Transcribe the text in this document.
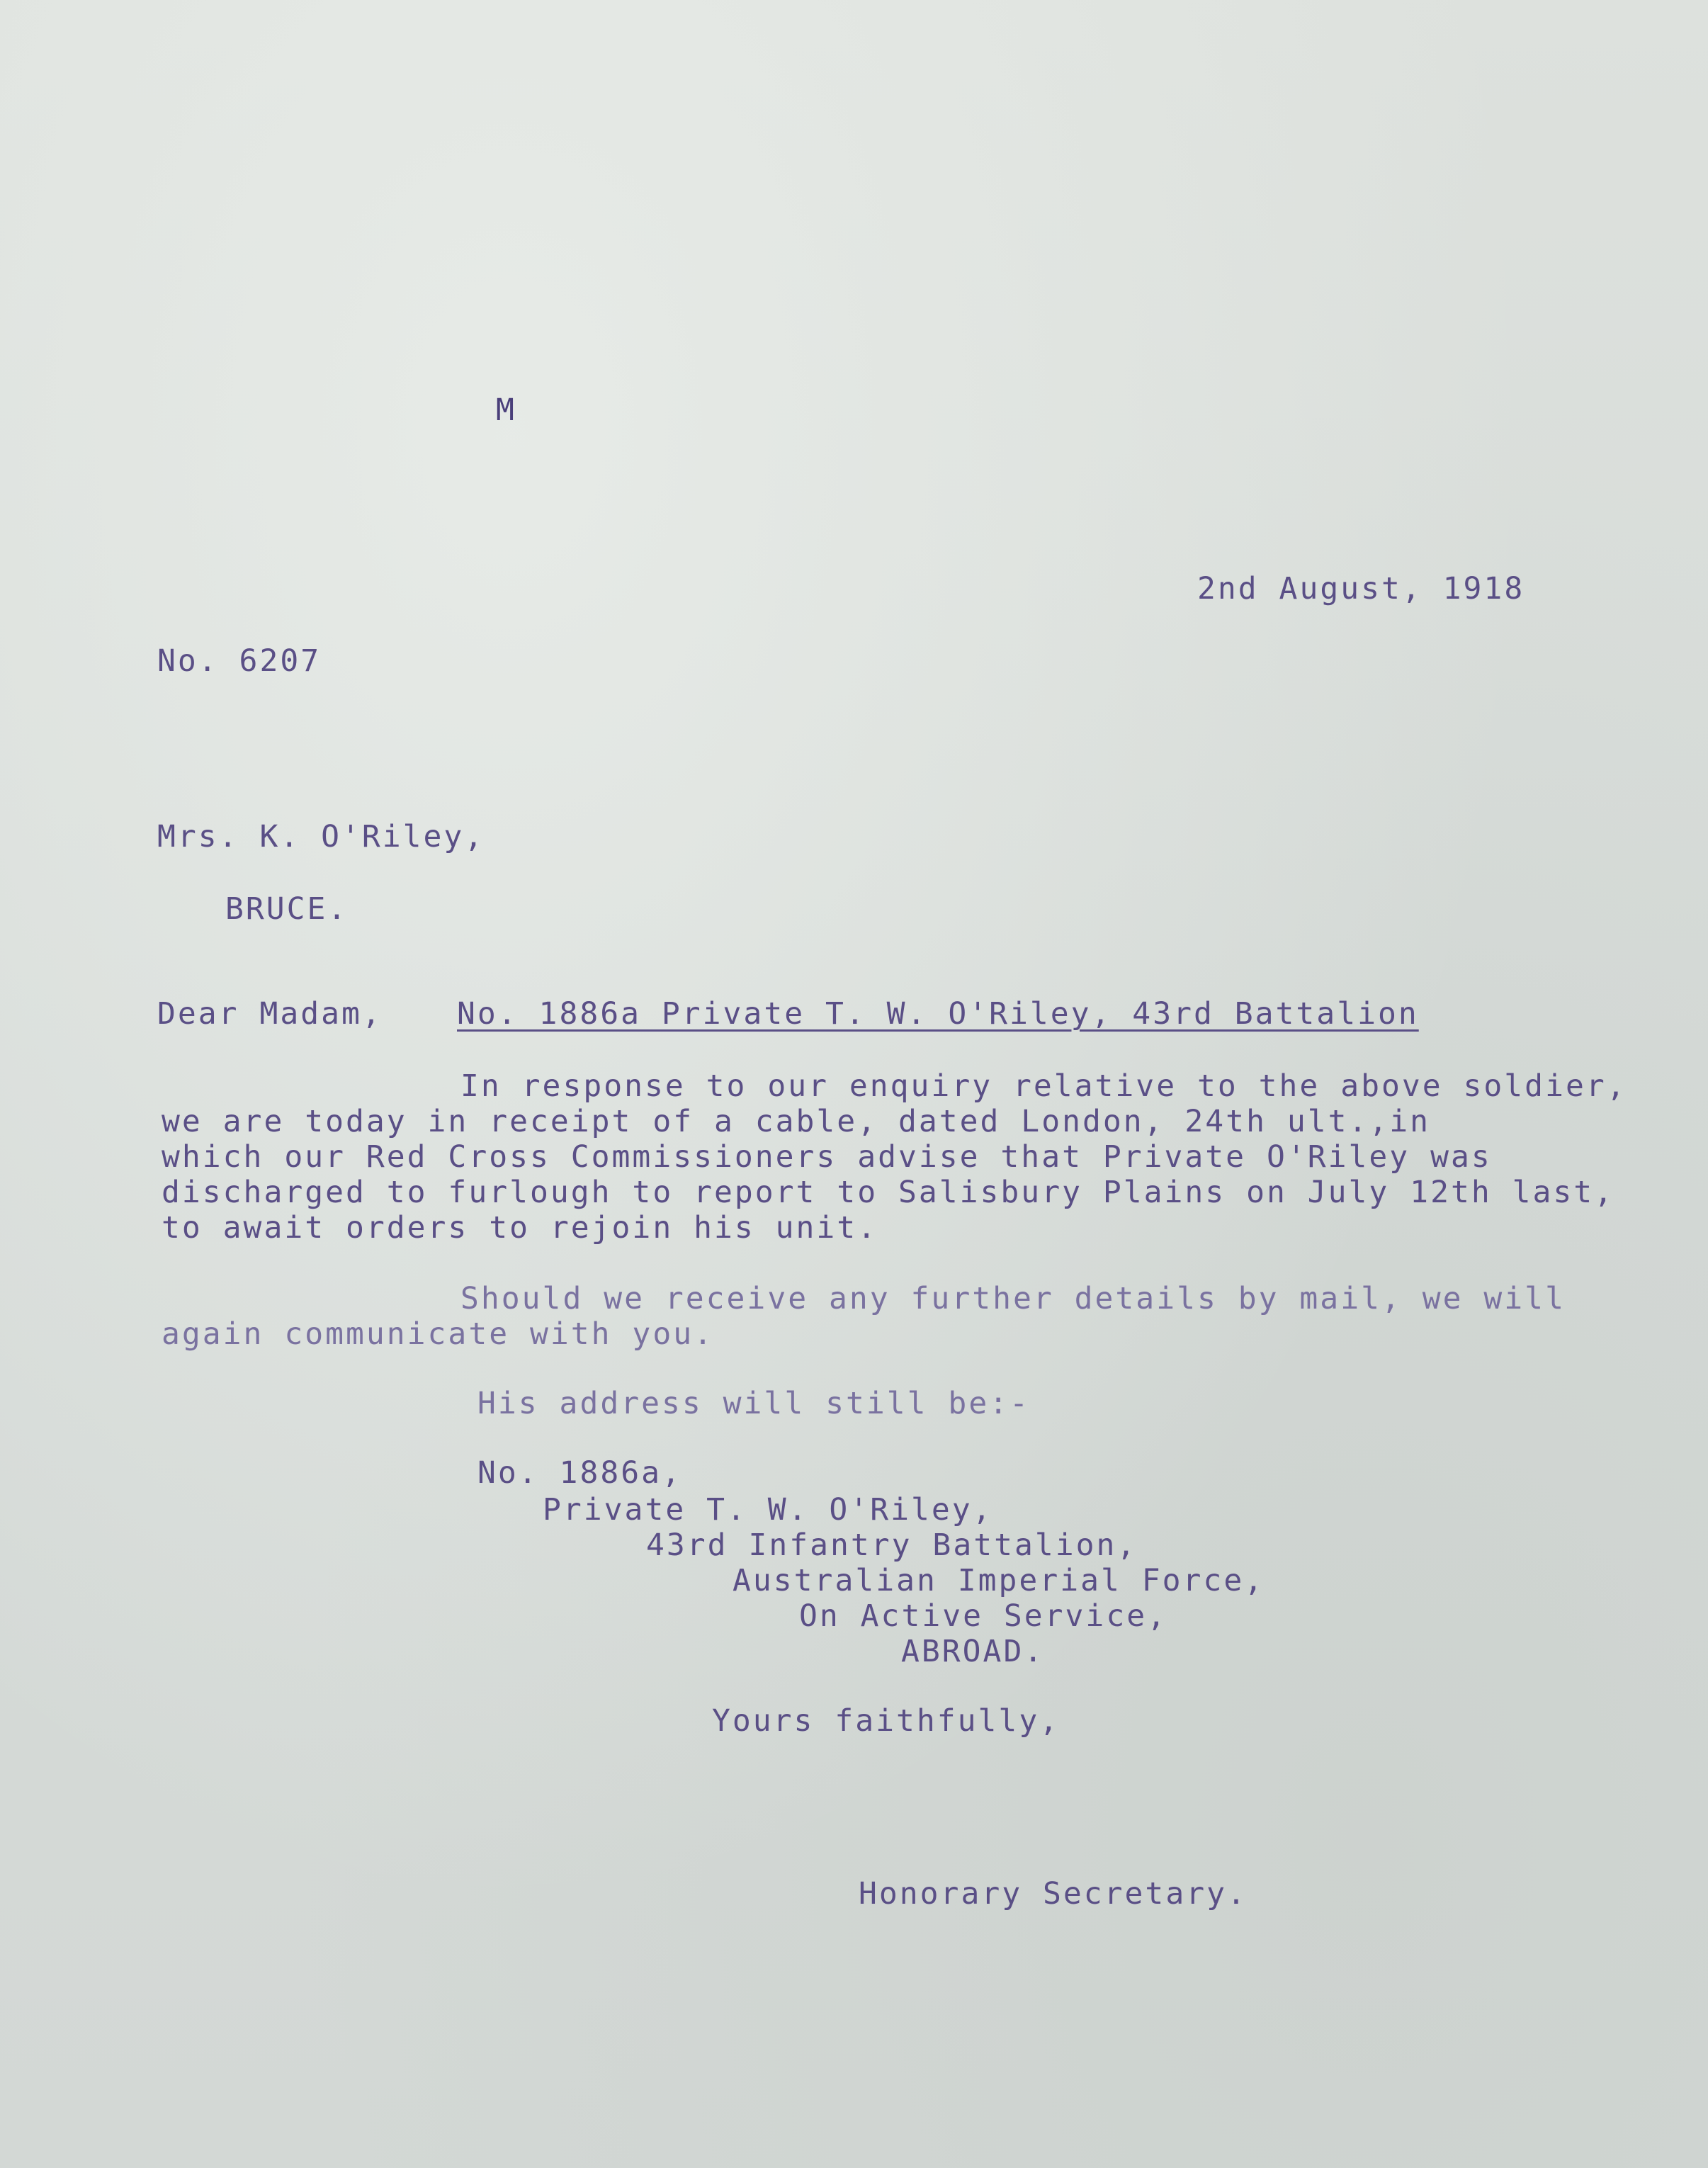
M
2nd August, 1918
No. 6207
Mrs. K. O'Riley,
BRUCE.
Dear Madam, No. 1886a Private T. W. O'Riley, 43rd Battalion
In response to our enquiry relative to the above soldier,
we are today in receipt of a cable, dated London, 24th ult.,in
which our Red Cross Commissioners advise that Private O'Riley was
discharged to furlough to report to Salisbury Plains on July 12th last,
to await orders to rejoin his unit.
Should we receive any further details by mail, we will
again communicate with you.
His address will still be:-
No. 1886a,
Private T. W. O'Riley,
43rd Infantry Battalion,
Australian Imperial Force,
On Active Service,
ABROAD.
Yours faithfully,
Honorary Secretary.
